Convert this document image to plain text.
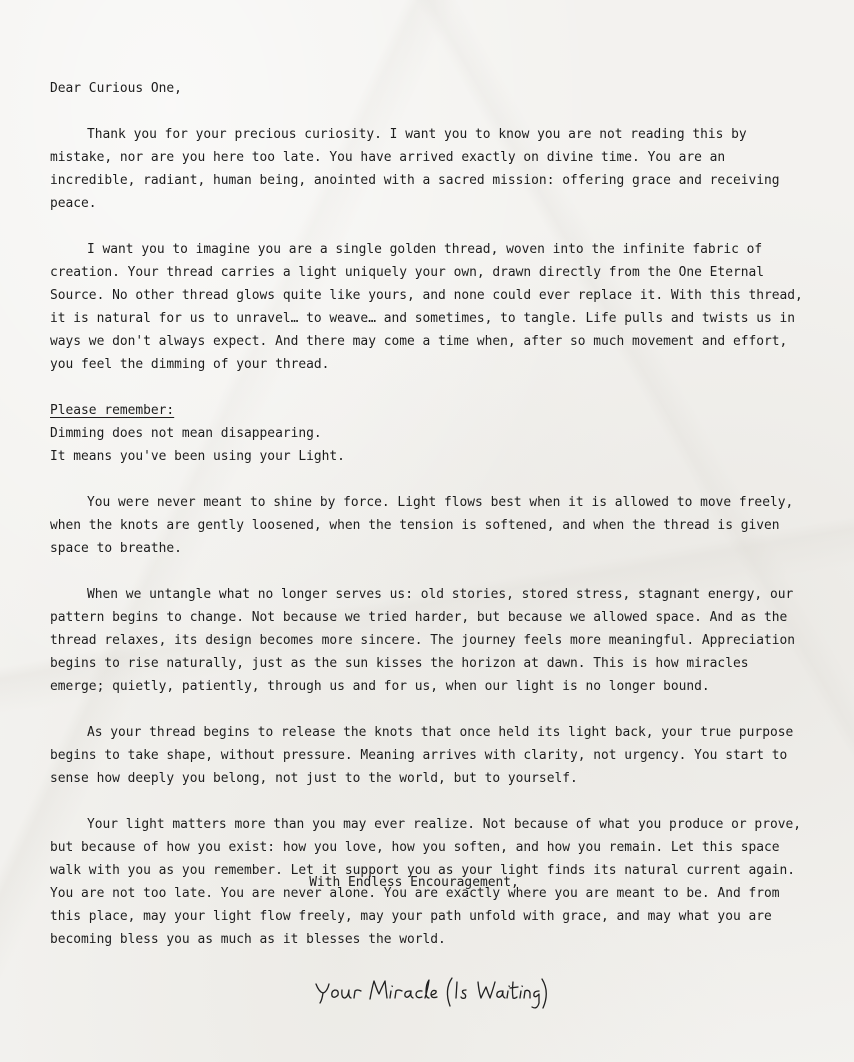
Dear Curious One,

Thank you for your precious curiosity. I want you to know you are not reading this by mistake, nor are you here too late. You have arrived exactly on divine time. You are an incredible, radiant, human being, anointed with a sacred mission: offering grace and receiving peace.

I want you to imagine you are a single golden thread, woven into the infinite fabric of creation. Your thread carries a light uniquely your own, drawn directly from the One Eternal Source. No other thread glows quite like yours, and none could ever replace it. With this thread, it is natural for us to unravel… to weave… and sometimes, to tangle. Life pulls and twists us in ways we don't always expect. And there may come a time when, after so much movement and effort, you feel the dimming of your thread.

Please remember:
Dimming does not mean disappearing.
It means you've been using your Light.

You were never meant to shine by force. Light flows best when it is allowed to move freely, when the knots are gently loosened, when the tension is softened, and when the thread is given space to breathe.

When we untangle what no longer serves us: old stories, stored stress, stagnant energy, our pattern begins to change. Not because we tried harder, but because we allowed space. And as the thread relaxes, its design becomes more sincere. The journey feels more meaningful. Appreciation begins to rise naturally, just as the sun kisses the horizon at dawn. This is how miracles emerge; quietly, patiently, through us and for us, when our light is no longer bound.

As your thread begins to release the knots that once held its light back, your true purpose begins to take shape, without pressure. Meaning arrives with clarity, not urgency. You start to sense how deeply you belong, not just to the world, but to yourself.

Your light matters more than you may ever realize. Not because of what you produce or prove, but because of how you exist: how you love, how you soften, and how you remain. Let this space walk with you as you remember. Let it support you as your light finds its natural current again. You are not too late. You are never alone. You are exactly where you are meant to be. And from this place, may your light flow freely, may your path unfold with grace, and may what you are becoming bless you as much as it blesses the world.

With Endless Encouragement,
